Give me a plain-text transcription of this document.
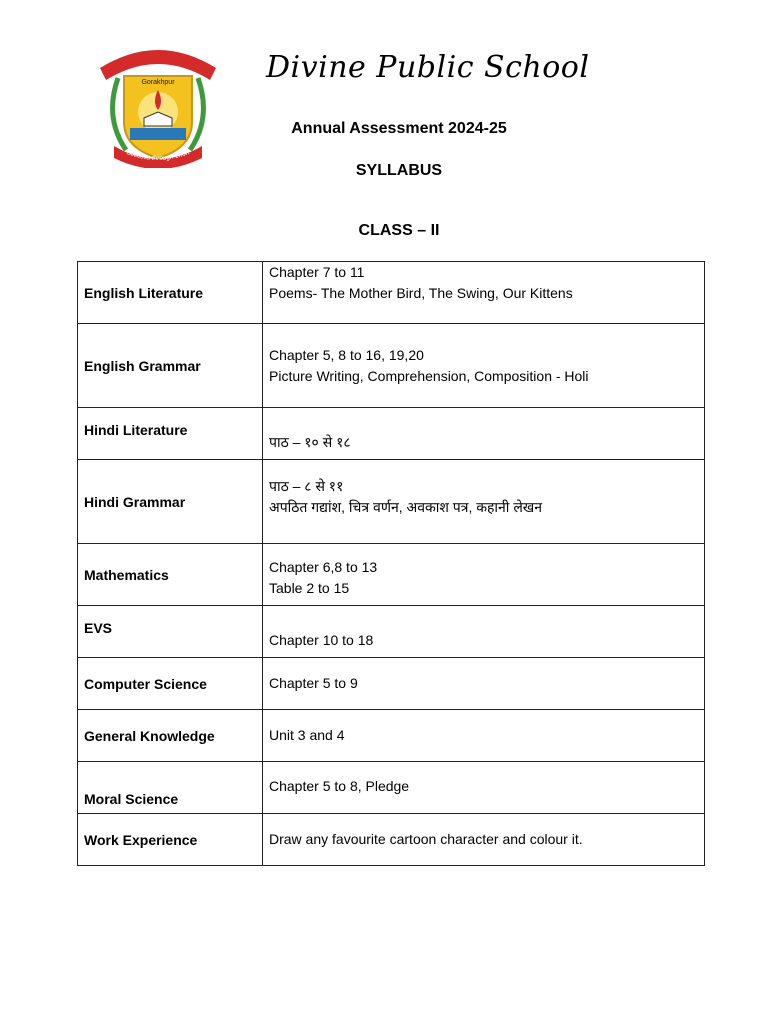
DIVINE PUBLIC SCHOOL
Gorakhpur
Success through effort
Divine Public School
Annual Assessment 2024-25
SYLLABUS
CLASS – II
English Literature	Chapter 7 to 11
Poems- The Mother Bird, The Swing, Our Kittens

English Grammar	Chapter 5, 8 to 16, 19,20
Picture Writing, Comprehension, Composition - Holi

Hindi Literature	पाठ – १० से १८

Hindi Grammar	पाठ – ८ से ११
अपठित गद्यांश, चित्र वर्णन, अवकाश पत्र, कहानी लेखन

Mathematics	Chapter 6,8 to 13
Table 2 to 15

EVS	Chapter 10 to 18

Computer Science	Chapter 5 to 9

General Knowledge	Unit 3 and 4

Moral Science	Chapter 5 to 8, Pledge

Work Experience	Draw any favourite cartoon character and colour it.
